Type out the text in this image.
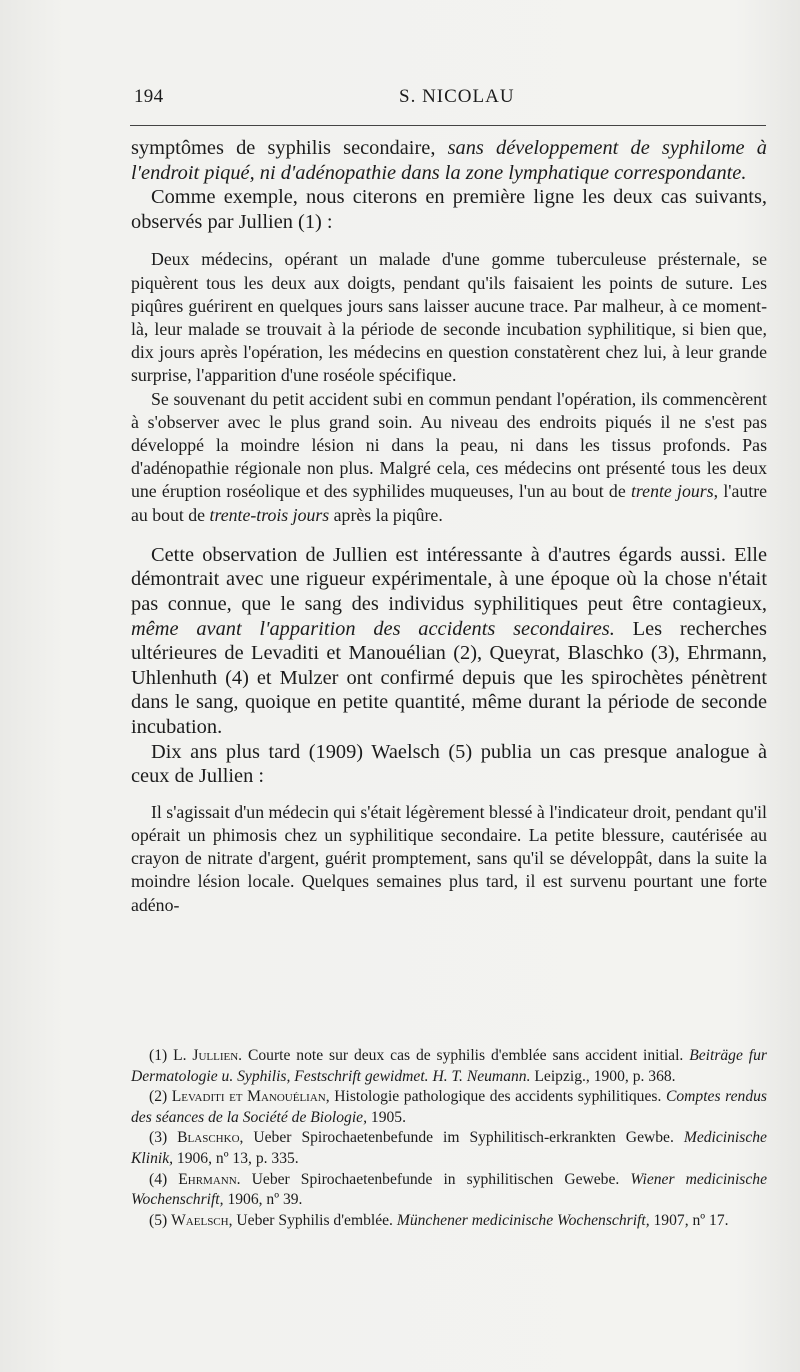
194	S. NICOLAU

symptômes de syphilis secondaire, sans développement de syphilome à l'endroit piqué, ni d'adénopathie dans la zone lymphatique correspondante.

Comme exemple, nous citerons en première ligne les deux cas suivants, observés par Jullien (1) :

Deux médecins, opérant un malade d'une gomme tuberculeuse présternale, se piquèrent tous les deux aux doigts, pendant qu'ils faisaient les points de suture. Les piqûres guérirent en quelques jours sans laisser aucune trace. Par malheur, à ce moment-là, leur malade se trouvait à la période de seconde incubation syphilitique, si bien que, dix jours après l'opération, les médecins en question constatèrent chez lui, à leur grande surprise, l'apparition d'une roséole spécifique.

Se souvenant du petit accident subi en commun pendant l'opération, ils commencèrent à s'observer avec le plus grand soin. Au niveau des endroits piqués il ne s'est pas développé la moindre lésion ni dans la peau, ni dans les tissus profonds. Pas d'adénopathie régionale non plus. Malgré cela, ces médecins ont présenté tous les deux une éruption roséolique et des syphilides muqueuses, l'un au bout de trente jours, l'autre au bout de trente-trois jours après la piqûre.

Cette observation de Jullien est intéressante à d'autres égards aussi. Elle démontrait avec une rigueur expérimentale, à une époque où la chose n'était pas connue, que le sang des individus syphilitiques peut être contagieux, même avant l'apparition des accidents secondaires. Les recherches ultérieures de Levaditi et Manouélian (2), Queyrat, Blaschko (3), Ehrmann, Uhlenhuth (4) et Mulzer ont confirmé depuis que les spirochètes pénètrent dans le sang, quoique en petite quantité, même durant la période de seconde incubation.

Dix ans plus tard (1909) Waelsch (5) publia un cas presque analogue à ceux de Jullien :

Il s'agissait d'un médecin qui s'était légèrement blessé à l'indicateur droit, pendant qu'il opérait un phimosis chez un syphilitique secondaire. La petite blessure, cautérisée au crayon de nitrate d'argent, guérit promptement, sans qu'il se développât, dans la suite la moindre lésion locale. Quelques semaines plus tard, il est survenu pourtant une forte adéno-

(1) L. Jullien. Courte note sur deux cas de syphilis d'emblée sans accident initial. Beiträge fur Dermatologie u. Syphilis, Festschrift gewidmet. H. T. Neumann. Leipzig., 1900, p. 368.

(2) Levaditi et Manouélian, Histologie pathologique des accidents syphilitiques. Comptes rendus des séances de la Société de Biologie, 1905.

(3) Blaschko, Ueber Spirochaetenbefunde im Syphilitisch-erkrankten Gewbe. Medicinische Klinik, 1906, nº 13, p. 335.

(4) Ehrmann. Ueber Spirochaetenbefunde in syphilitischen Gewebe. Wiener medicinische Wochenschrift, 1906, nº 39.

(5) Waelsch, Ueber Syphilis d'emblée. Münchener medicinische Wochenschrift, 1907, nº 17.
